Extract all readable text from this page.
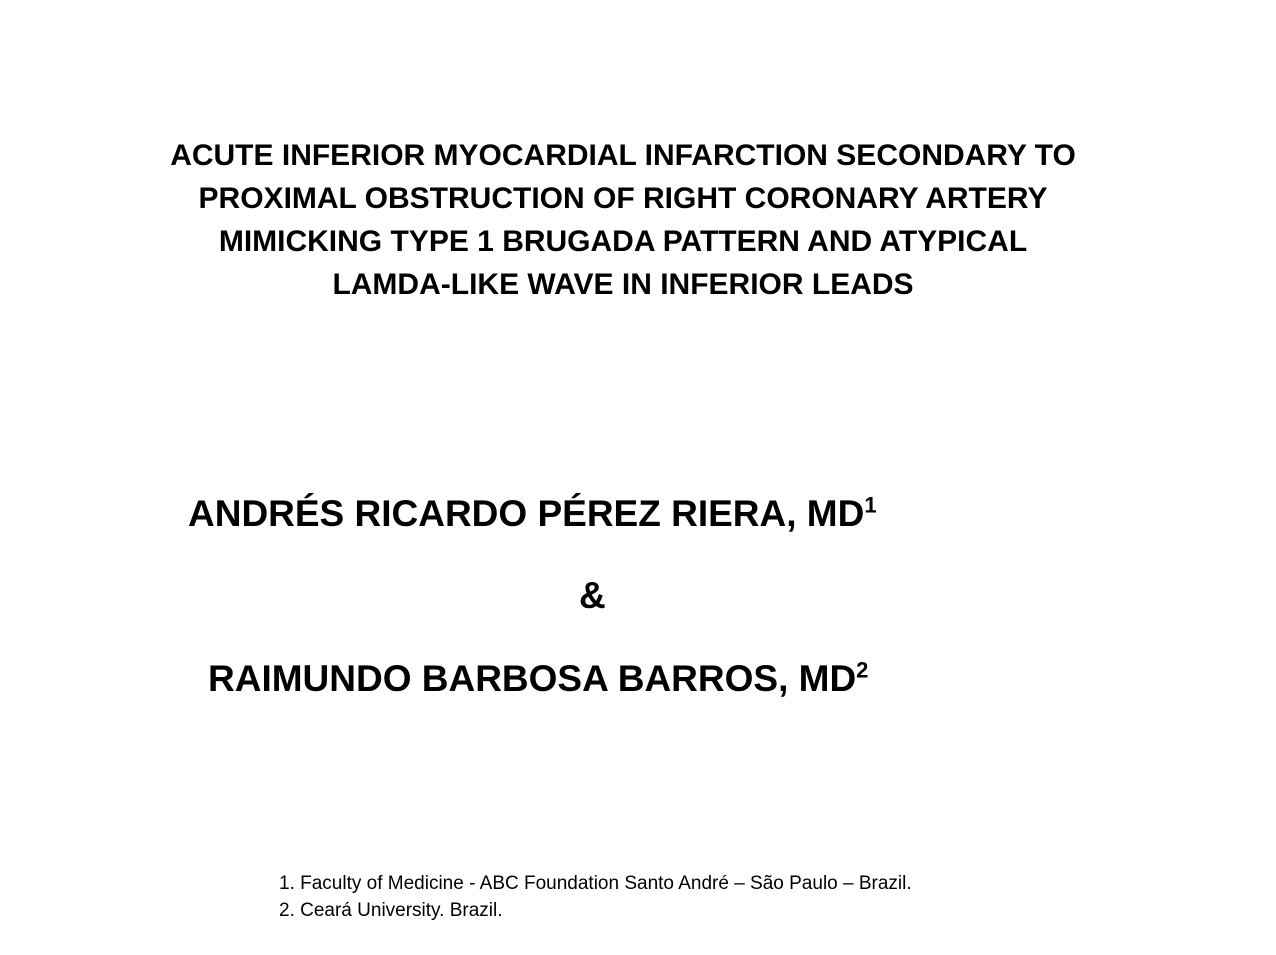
ACUTE INFERIOR MYOCARDIAL INFARCTION SECONDARY TO
PROXIMAL OBSTRUCTION OF RIGHT CORONARY ARTERY
MIMICKING TYPE 1 BRUGADA PATTERN AND ATYPICAL
LAMDA-LIKE WAVE IN INFERIOR LEADS
ANDRÉS RICARDO PÉREZ RIERA, $MD^1$
&
RAIMUNDO BARBOSA BARROS, $MD^2$
1. Faculty of Medicine - ABC Foundation Santo André – São Paulo – Brazil.
2. Ceará University. Brazil.
